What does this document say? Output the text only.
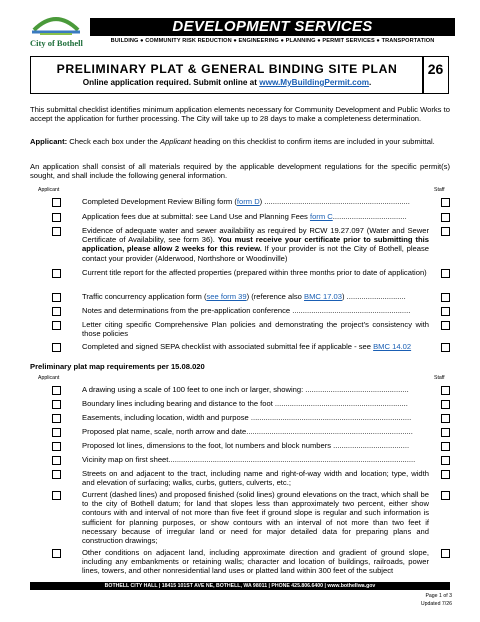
City of Bothell
DEVELOPMENT SERVICES
BUILDING ● COMMUNITY RISK REDUCTION ● ENGINEERING ● PLANNING ● PERMIT SERVICES ● TRANSPORTATION
PRELIMINARY PLAT & GENERAL BINDING SITE PLAN
Online application required. Submit online at www.MyBuildingPermit.com.
26
This submittal checklist identifies minimum application elements necessary for Community Development and Public Works to accept the application for further processing. The City will take up to 28 days to make a completeness determination.
Applicant: Check each box under the Applicant heading on this checklist to confirm items are included in your submittal.
An application shall consist of all materials required by the applicable development regulations for the specific permit(s) sought, and shall include the following general information.
Applicant	Staff
Completed Development Review Billing form (form D) .....................................................................
Application fees due at submittal: see Land Use and Planning Fees form C...................................
Evidence of adequate water and sewer availability as required by RCW 19.27.097 (Water and Sewer Certificate of Availability, see form 36). You must receive your certificate prior to submitting this application, please allow 2 weeks for this review. If your provider is not the City of Bothell, please contact your provider (Alderwood, Northshore or Woodinville)
Current title report for the affected properties (prepared within three months prior to date of application)
Traffic concurrency application form (see form 39) (reference also BMC 17.03) ............................
Notes and determinations from the pre-application conference ........................................................
Letter citing specific Comprehensive Plan policies and demonstrating the project’s consistency with those policies
Completed and signed SEPA checklist with associated submittal fee if applicable - see BMC 14.02
Preliminary plat map requirements per 15.08.020
Applicant	Staff
A drawing using a scale of 100 feet to one inch or larger, showing: .................................................
Boundary lines including bearing and distance to the foot ...............................................................
Easements, including location, width and purpose ............................................................................
Proposed plat name, scale, north arrow and date...............................................................................
Proposed lot lines, dimensions to the foot, lot numbers and block numbers ....................................
Vicinity map on first sheet.....................................................................................................................
Streets on and adjacent to the tract, including name and right-of-way width and location; type, width and elevation of surfacing; walks, curbs, gutters, culverts, etc.;
Current (dashed lines) and proposed finished (solid lines) ground elevations on the tract, which shall be to the city of Bothell datum; for land that slopes less than approximately two percent, either show contours with and interval of not more than five feet if ground slope is regular and such information is sufficient for planning purposes, or show contours with an interval of not more than two feet if necessary because of irregular land or need for major detailed data for preparing plans and construction drawings;
Other conditions on adjacent land, including approximate direction and gradient of ground slope, including any embankments or retaining walls; character and location of buildings, railroads, power lines, towers, and other nonresidential land uses or platted land within 300 feet of the subject
BOTHELL CITY HALL | 18415 101ST AVE NE, BOTHELL, WA 98011 | PHONE 425.806.6400 | www.bothellwa.gov
Page 1 of 3
Updated 7/26
